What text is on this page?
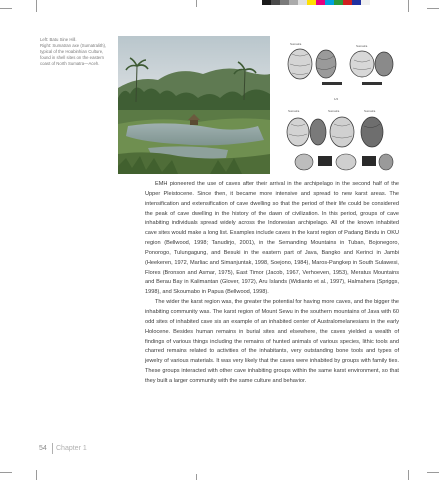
Left: Batu Sine Hill.
Right: Sumatran axe (Sumatralith),
typical of the Hoabinhian Culture,
found in shell sites on the eastern
coast of North Sumatra—Aceh.
Sumatra	Sumatra
1/2
Sumatra	Sumatra	Sumatra

EMH pioneered the use of caves after their arrival in the archipelago in the second half of the Upper Pleistocene. Since then, it became more intensive and spread to new karst areas. The intensification and extensification of cave dwelling so that the period of their life could be considered the peak of cave dwelling in the history of the dawn of civilization. In this period, groups of cave inhabiting individuals spread widely across the Indonesian archipelago. All of the known inhabited cave sites would make a long list. Examples include caves in the karst region of Padang Bindu in OKU region (Bellwood, 1998; Tanudirjo, 2001), in the Semanding Mountains in Tuban, Bojonegoro, Ponorogo, Tulungagung, and Besuki in the eastern part of Java, Bangko and Kerinci in Jambi (Heekeren, 1972, Marliac and Simanjuntak, 1998, Soejono, 1984), Maros-Pangkep in South Sulawesi, Flores (Bronson and Asmar, 1975), East Timor (Jacob, 1967, Verhoeven, 1953), Meratus Mountains and Berau Bay in Kalimantan (Glover, 1972), Aru Islands (Widianto et al., 1997), Halmahera (Spriggs, 1998), and Skoumabo in Papua (Bellwood, 1998).

The wider the karst region was, the greater the potential for having more caves, and the bigger the inhabiting community was. The karst region of Mount Sewu in the southern mountains of Java with 60 odd sites of inhabited cave sis an example of an inhabited center of Australomelanesians in the early Holocene. Besides human remains in burial sites and elsewhere, the caves yielded a wealth of findings of various things including the remains of hunted animals of various species, lithic tools and charred remains related to activities of the inhabitants, very outstanding bone tools and types of jewelry of various materials. It was very likely that the caves were inhabited by groups with family ties. These groups interacted with other cave inhabiting groups within the same karst environment, so that they built a larger community with the same culture and behavior.

54 Chapter 1
